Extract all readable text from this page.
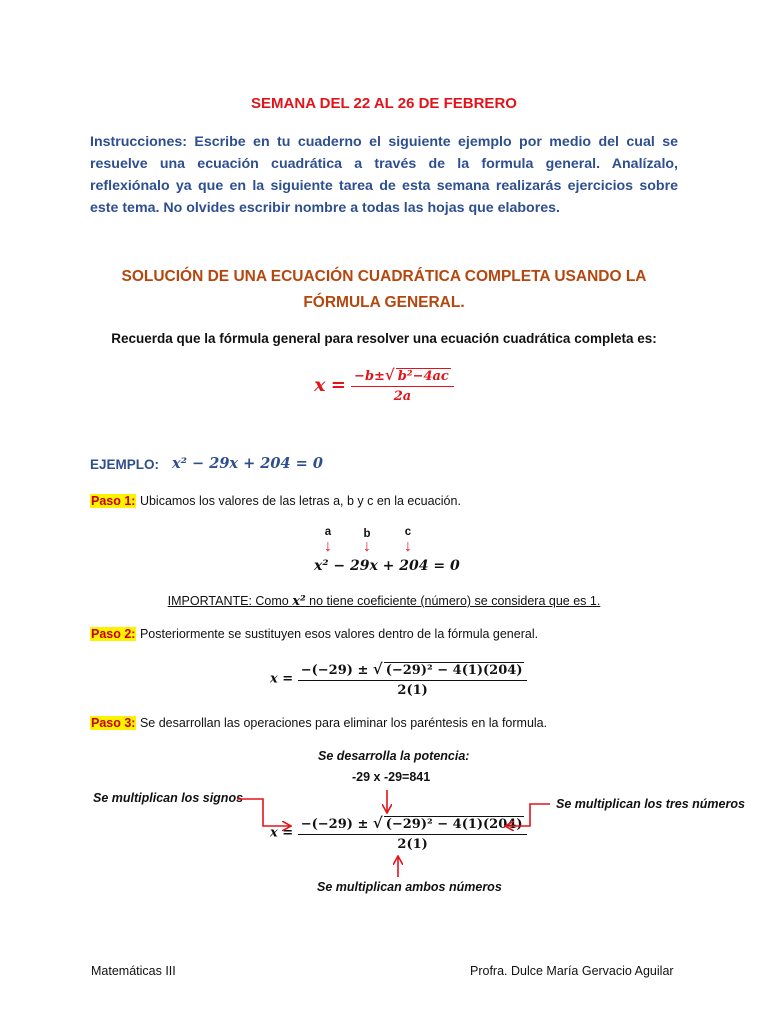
SEMANA DEL 22 AL 26 DE FEBRERO
Instrucciones: Escribe en tu cuaderno el siguiente ejemplo por medio del cual se resuelve una ecuación cuadrática a través de la formula general. Analízalo, reflexiónalo ya que en la siguiente tarea de esta semana realizarás ejercicios sobre este tema. No olvides escribir nombre a todas las hojas que elabores.
SOLUCIÓN DE UNA ECUACIÓN CUADRÁTICA COMPLETA USANDO LA FÓRMULA GENERAL.
Recuerda que la fórmula general para resolver una ecuación cuadrática completa es:
$x = \frac{\text{−b±√ b²−4ac}}{2a}$
EJEMPLO: x² − 29x + 204 = 0
Paso 1: Ubicamos los valores de las letras a, b y c en la ecuación.
a	b	c
↓	↓	↓
x² − 29x + 204 = 0
IMPORTANTE: Como x² no tiene coeficiente (número) se considera que es 1.
Paso 2: Posteriormente se sustituyen esos valores dentro de la fórmula general.
$x = \frac{\text{−(−29) ± √ (−29)² − 4(1)(204)}}{2(1)}$
Paso 3: Se desarrollan las operaciones para eliminar los paréntesis en la formula.
Se desarrolla la potencia:
-29 x -29=841
Se multiplican los signos	Se multiplican los tres números
$x = \frac{\text{−(−29) ± √ (−29)² − 4(1)(204)}}{2(1)}$
Se multiplican ambos números
Matemáticas III	Profra. Dulce María Gervacio Aguilar
